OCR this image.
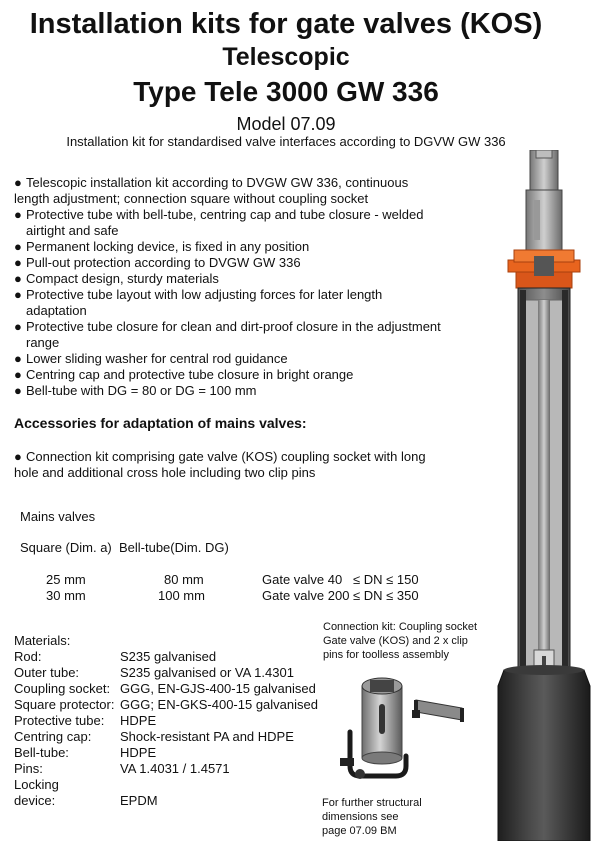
Installation kits for gate valves (KOS)
Telescopic
Type Tele 3000 GW 336
Model 07.09
Installation kit for standardised valve interfaces according to DGVW GW 336
● Telescopic installation kit according to DVGW GW 336, continuous
length adjustment; connection square without coupling socket
● Protective tube with bell-tube, centring cap and tube closure - welded
airtight and safe
● Permanent locking device, is fixed in any position
● Pull-out protection according to DVGW GW 336
● Compact design, sturdy materials
● Protective tube layout with low adjusting forces for later length
adaptation
● Protective tube closure for clean and dirt-proof closure in the adjustment
range
● Lower sliding washer for central rod guidance
● Centring cap and protective tube closure in bright orange
● Bell-tube with DG = 80 or DG = 100 mm
Accessories for adaptation of mains valves:
● Connection kit comprising gate valve (KOS) coupling socket with long
hole and additional cross hole including two clip pins
Mains valves
Square (Dim. a)  Bell-tube(Dim. DG)
25 mm	80 mm	Gate valve 40 ≤ DN ≤ 150
30 mm	100 mm	Gate valve 200 ≤ DN ≤ 350
Materials:
Rod:	S235 galvanised
Outer tube:	S235 galvanised or VA 1.4301
Coupling socket: GGG, EN-GJS-400-15 galvanised
Square protector: GGG; EN-GKS-400-15 galvanised
Protective tube: HDPE
Centring cap: Shock-resistant PA and HDPE
Bell-tube:	HDPE
Pins:	VA 1.4031 / 1.4571
Locking
device:	EPDM
Connection kit: Coupling socket
Gate valve (KOS) and 2 x clip
pins for toolless assembly
For further structural
dimensions see
page 07.09 BM
